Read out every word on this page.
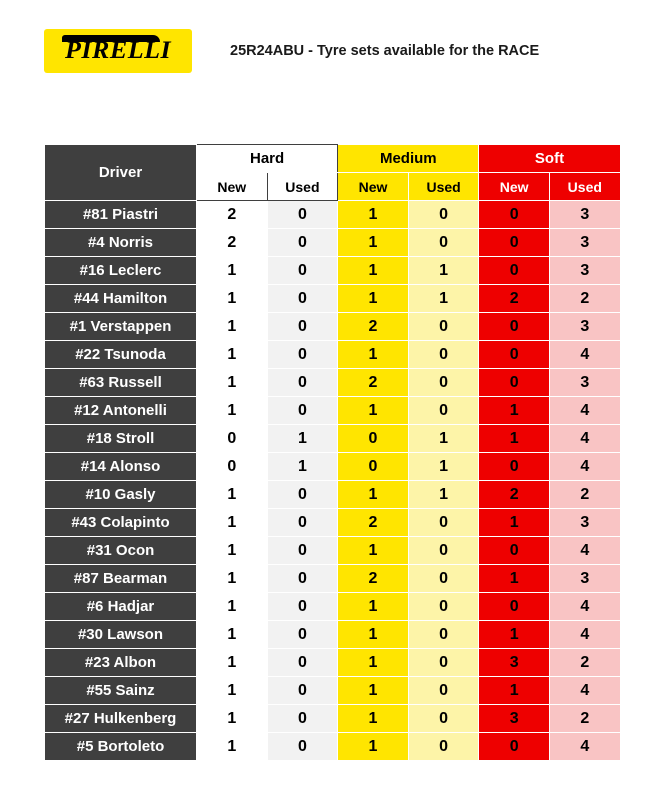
PIRELLI	25R24ABU - Tyre sets available for the RACE
Driver	Hard		Medium		Soft	
	New	Used	New	Used	New	Used
#81 Piastri	2	0	1	0	0	3
#4 Norris	2	0	1	0	0	3
#16 Leclerc	1	0	1	1	0	3
#44 Hamilton	1	0	1	1	2	2
#1 Verstappen	1	0	2	0	0	3
#22 Tsunoda	1	0	1	0	0	4
#63 Russell	1	0	2	0	0	3
#12 Antonelli	1	0	1	0	1	4
#18 Stroll	0	1	0	1	1	4
#14 Alonso	0	1	0	1	0	4
#10 Gasly	1	0	1	1	2	2
#43 Colapinto	1	0	2	0	1	3
#31 Ocon	1	0	1	0	0	4
#87 Bearman	1	0	2	0	1	3
#6 Hadjar	1	0	1	0	0	4
#30 Lawson	1	0	1	0	1	4
#23 Albon	1	0	1	0	3	2
#55 Sainz	1	0	1	0	1	4
#27 Hulkenberg	1	0	1	0	3	2
#5 Bortoleto	1	0	1	0	0	4
